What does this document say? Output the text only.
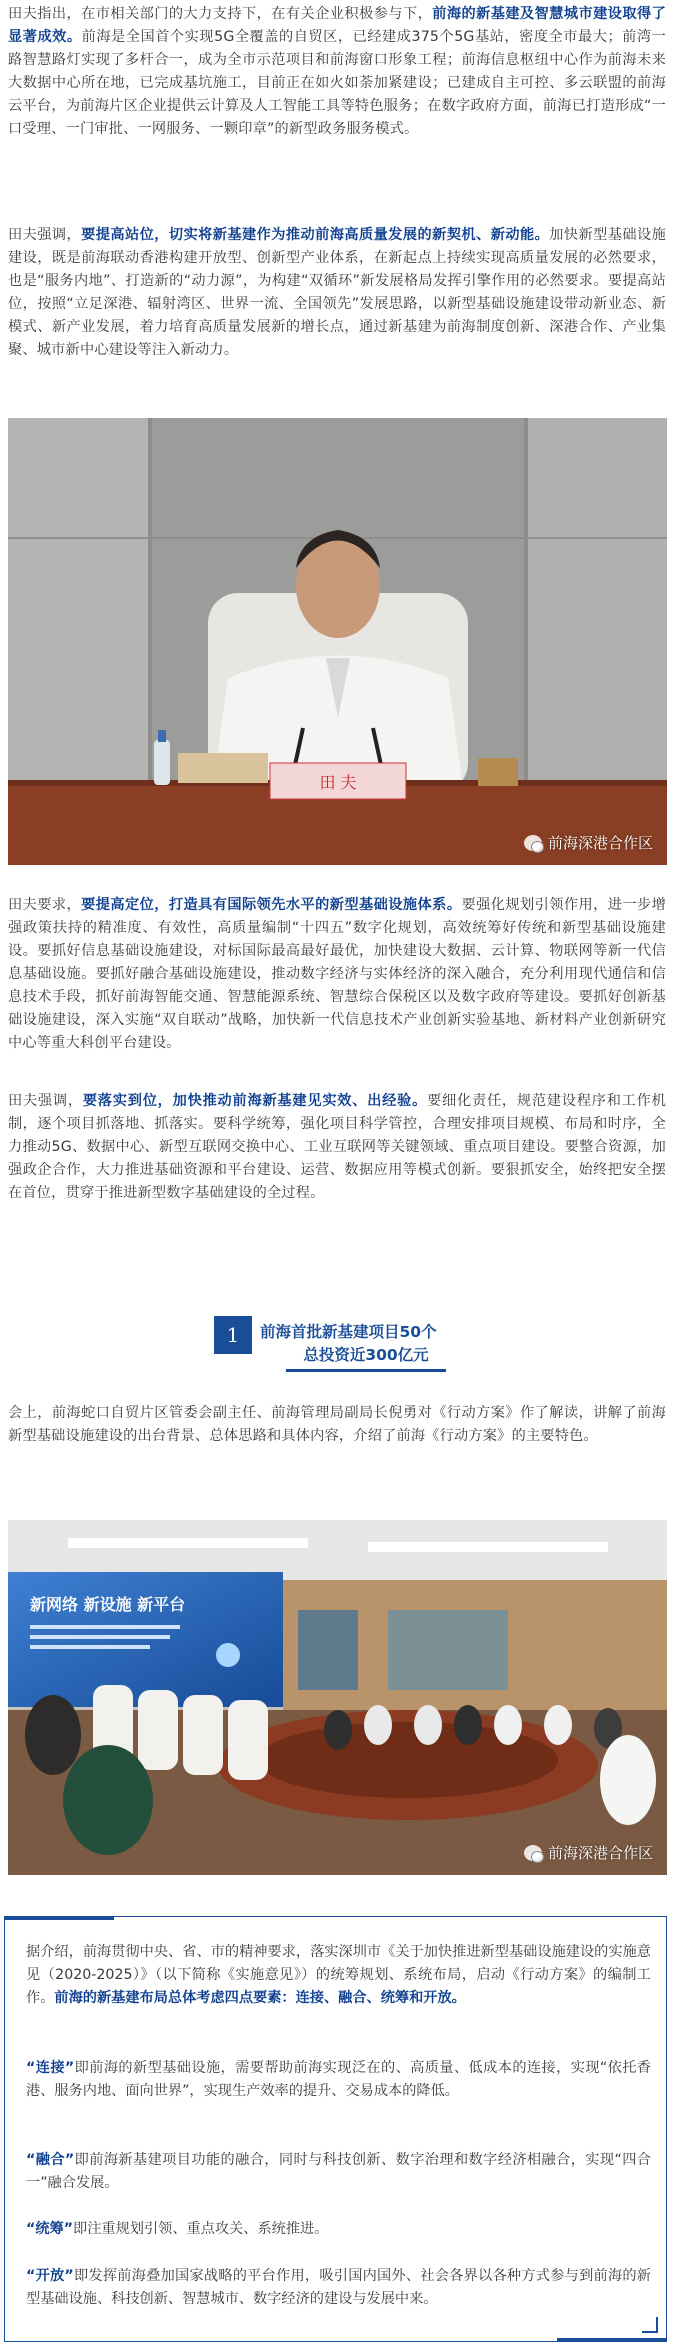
田夫指出，在市相关部门的大力支持下，在有关企业积极参与下，前海的新基建及智慧城市建设取得了显著成效。前海是全国首个实现5G全覆盖的自贸区，已经建成375个5G基站，密度全市最大；前湾一路智慧路灯实现了多杆合一，成为全市示范项目和前海窗口形象工程；前海信息枢纽中心作为前海未来大数据中心所在地，已完成基坑施工，目前正在如火如荼加紧建设；已建成自主可控、多云联盟的前海云平台，为前海片区企业提供云计算及人工智能工具等特色服务；在数字政府方面，前海已打造形成“一口受理、一门审批、一网服务、一颗印章”的新型政务服务模式。

田夫强调，要提高站位，切实将新基建作为推动前海高质量发展的新契机、新动能。加快新型基础设施建设，既是前海联动香港构建开放型、创新型产业体系，在新起点上持续实现高质量发展的必然要求，也是“服务内地”、打造新的“动力源”，为构建“双循环”新发展格局发挥引擎作用的必然要求。要提高站位，按照“立足深港、辐射湾区、世界一流、全国领先”发展思路，以新型基础设施建设带动新业态、新模式、新产业发展，着力培育高质量发展新的增长点，通过新基建为前海制度创新、深港合作、产业集聚、城市新中心建设等注入新动力。

田 夫
前海深港合作区

田夫要求，要提高定位，打造具有国际领先水平的新型基础设施体系。要强化规划引领作用，进一步增强政策扶持的精准度、有效性，高质量编制“十四五”数字化规划，高效统筹好传统和新型基础设施建设。要抓好信息基础设施建设，对标国际最高最好最优，加快建设大数据、云计算、物联网等新一代信息基础设施。要抓好融合基础设施建设，推动数字经济与实体经济的深入融合，充分利用现代通信和信息技术手段，抓好前海智能交通、智慧能源系统、智慧综合保税区以及数字政府等建设。要抓好创新基础设施建设，深入实施“双自联动”战略，加快新一代信息技术产业创新实验基地、新材料产业创新研究中心等重大科创平台建设。

田夫强调，要落实到位，加快推动前海新基建见实效、出经验。要细化责任，规范建设程序和工作机制，逐个项目抓落地、抓落实。要科学统筹，强化项目科学管控，合理安排项目规模、布局和时序，全力推动5G、数据中心、新型互联网交换中心、工业互联网等关键领域、重点项目建设。要整合资源，加强政企合作，大力推进基础资源和平台建设、运营、数据应用等模式创新。要狠抓安全，始终把安全摆在首位，贯穿于推进新型数字基础建设的全过程。

1	前海首批新基建项目50个
总投资近300亿元

会上，前海蛇口自贸片区管委会副主任、前海管理局副局长倪勇对《行动方案》作了解读，讲解了前海新型基础设施建设的出台背景、总体思路和具体内容，介绍了前海《行动方案》的主要特色。

新网络 新设施 新平台
前海深港合作区

据介绍，前海贯彻中央、省、市的精神要求，落实深圳市《关于加快推进新型基础设施建设的实施意见（2020-2025）》（以下简称《实施意见》）的统筹规划、系统布局，启动《行动方案》的编制工作。前海的新基建布局总体考虑四点要素：连接、融合、统筹和开放。

“连接”即前海的新型基础设施，需要帮助前海实现泛在的、高质量、低成本的连接，实现“依托香港、服务内地、面向世界”，实现生产效率的提升、交易成本的降低。

“融合”即前海新基建项目功能的融合，同时与科技创新、数字治理和数字经济相融合，实现“四合一”融合发展。

“统筹”即注重规划引领、重点攻关、系统推进。

“开放”即发挥前海叠加国家战略的平台作用，吸引国内国外、社会各界以各种方式参与到前海的新型基础设施、科技创新、智慧城市、数字经济的建设与发展中来。
